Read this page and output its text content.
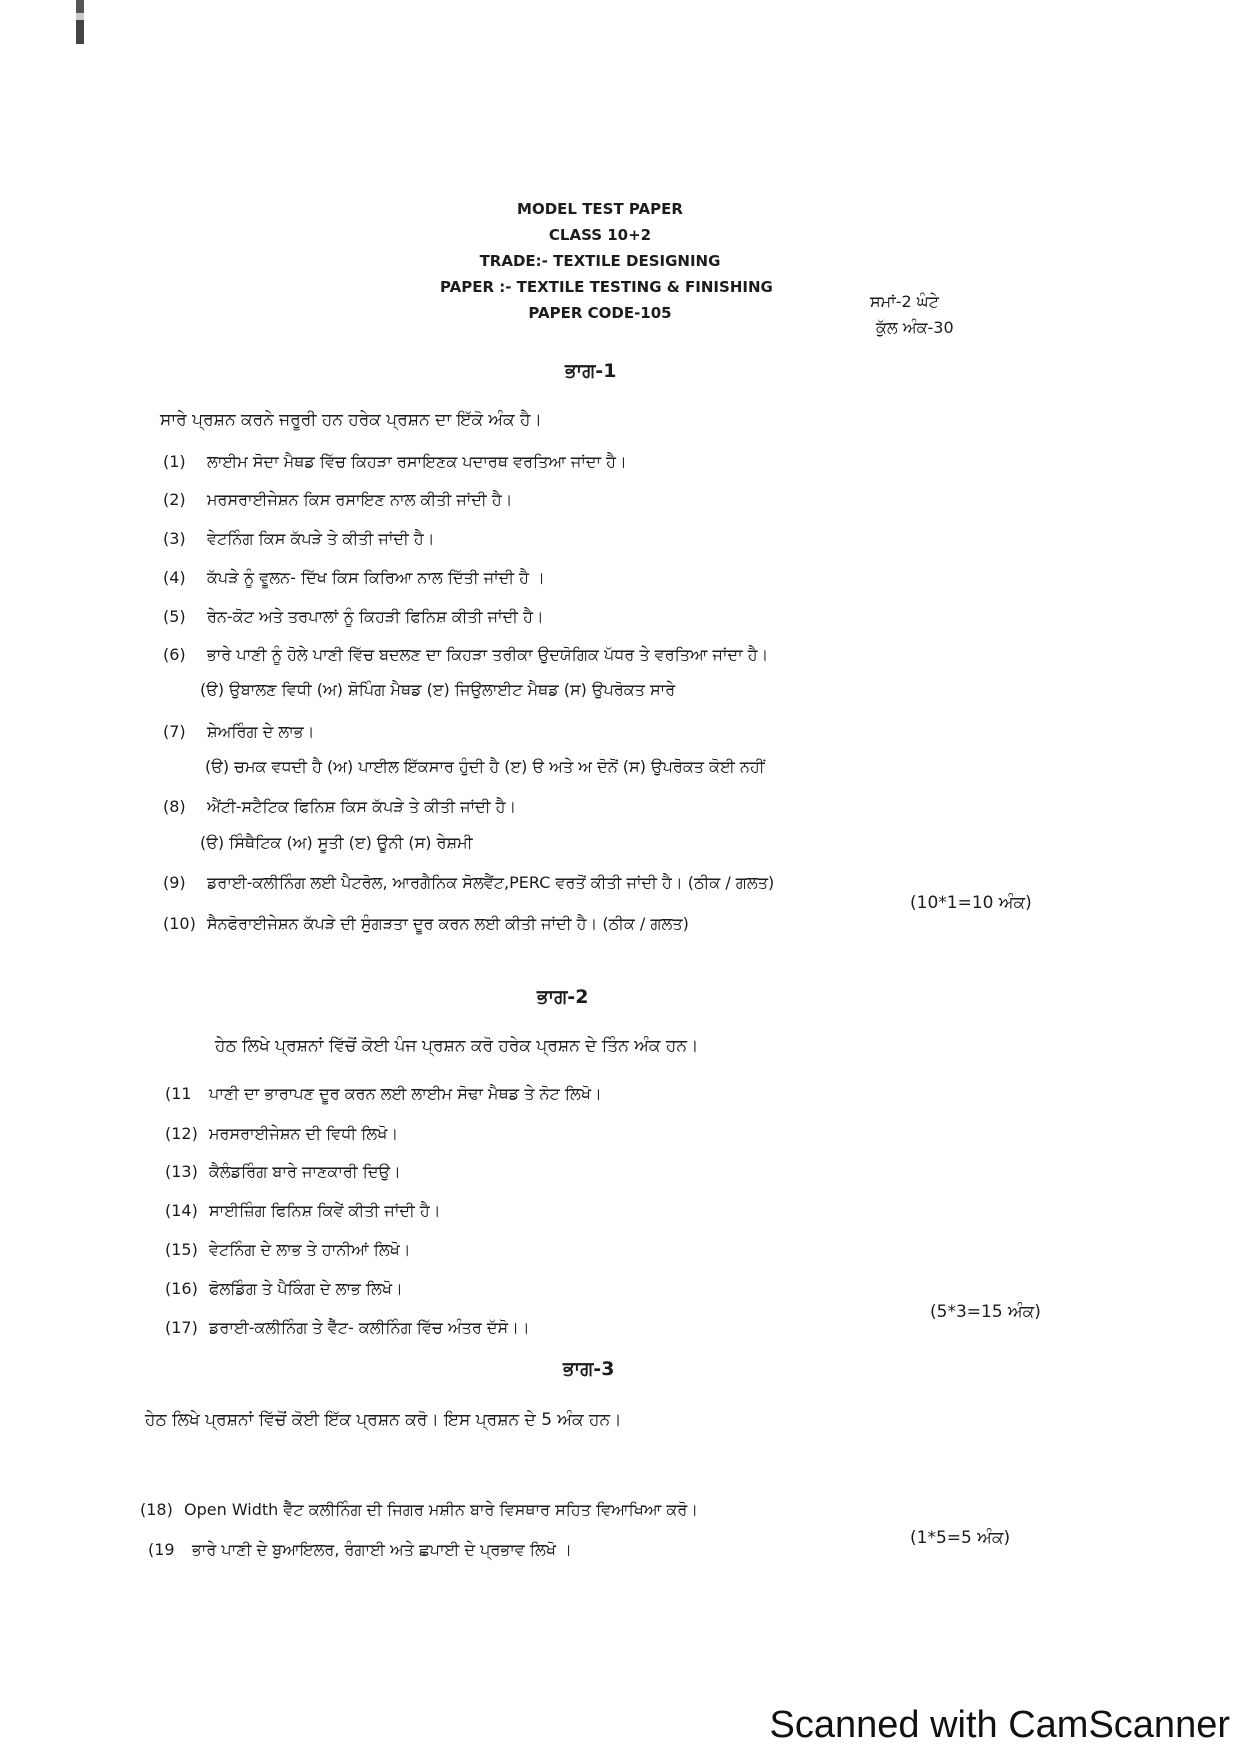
MODEL TEST PAPER
CLASS 10+2
TRADE:- TEXTILE DESIGNING
PAPER :- TEXTILE TESTING & FINISHING
PAPER CODE-105
ਸਮਾਂ-2 ਘੰਟੇ
ਕੁੱਲ ਅੰਕ-30
ਭਾਗ-1
ਸਾਰੇ ਪ੍ਰਸ਼ਨ ਕਰਨੇ ਜਰੂਰੀ ਹਨ ਹਰੇਕ ਪ੍ਰਸ਼ਨ ਦਾ ਇੱਕੋ ਅੰਕ ਹੈ।
(1) ਲਾਈਮ ਸੋਦਾ ਮੈਥਡ ਵਿੱਚ ਕਿਹੜਾ ਰਸਾਇਣਕ ਪਦਾਰਥ ਵਰਤਿਆ ਜਾਂਦਾ ਹੈ।
(2) ਮਰਸਰਾਈਜੇਸ਼ਨ ਕਿਸ ਰਸਾਇਣ ਨਾਲ ਕੀਤੀ ਜਾਂਦੀ ਹੈ।
(3) ਵੇਟਨਿੰਗ ਕਿਸ ਕੱਪੜੇ ਤੇ ਕੀਤੀ ਜਾਂਦੀ ਹੈ।
(4) ਕੱਪੜੇ ਨੂੰ ਵੂਲਨ- ਦਿੱਖ ਕਿਸ ਕਿਰਿਆ ਨਾਲ ਦਿੱਤੀ ਜਾਂਦੀ ਹੈ ।
(5) ਰੇਨ-ਕੋਟ ਅਤੇ ਤਰਪਾਲਾਂ ਨੂੰ ਕਿਹੜੀ ਫਿਨਿਸ਼ ਕੀਤੀ ਜਾਂਦੀ ਹੈ।
(6) ਭਾਰੇ ਪਾਣੀ ਨੂੰ ਹੋਲੇ ਪਾਣੀ ਵਿੱਚ ਬਦਲਣ ਦਾ ਕਿਹੜਾ ਤਰੀਕਾ ਉਦਯੋਗਿਕ ਪੱਧਰ ਤੇ ਵਰਤਿਆ ਜਾਂਦਾ ਹੈ।
(ੳ) ਉਬਾਲਣ ਵਿਧੀ (ਅ) ਸ਼ੋਪਿੰਗ ਮੈਥਡ (ੲ) ਜਿਉਲਾਈਟ ਮੈਥਡ (ਸ) ਉਪਰੋਕਤ ਸਾਰੇ
(7) ਸ਼ੇਅਰਿੰਗ ਦੇ ਲਾਭ।
(ੳ) ਚਮਕ ਵਧਦੀ ਹੈ (ਅ) ਪਾਈਲ ਇੱਕਸਾਰ ਹੁੰਦੀ ਹੈ (ੲ) ੳ ਅਤੇ ਅ ਦੋਨੋਂ (ਸ) ਉਪਰੋਕਤ ਕੋਈ ਨਹੀਂ
(8) ਐਂਟੀ-ਸਟੈਟਿਕ ਫਿਨਿਸ਼ ਕਿਸ ਕੱਪੜੇ ਤੇ ਕੀਤੀ ਜਾਂਦੀ ਹੈ।
(ੳ) ਸਿੰਥੈਟਿਕ (ਅ) ਸੂਤੀ (ੲ) ਊਨੀ (ਸ) ਰੇਸ਼ਮੀ
(9) ਡਰਾਈ-ਕਲੀਨਿੰਗ ਲਈ ਪੈਟਰੋਲ, ਆਰਗੈਨਿਕ ਸੋਲਵੈਂਟ,PERC ਵਰਤੋਂ ਕੀਤੀ ਜਾਂਦੀ ਹੈ। (ਠੀਕ / ਗਲਤ)
(10) ਸੈਨਫੋਰਾਈਜੇਸ਼ਨ ਕੱਪੜੇ ਦੀ ਸੁੰਗੜਤਾ ਦੂਰ ਕਰਨ ਲਈ ਕੀਤੀ ਜਾਂਦੀ ਹੈ। (ਠੀਕ / ਗਲਤ)
(10*1=10 ਅੰਕ)
ਭਾਗ-2
ਹੇਠ ਲਿਖੇ ਪ੍ਰਸ਼ਨਾਂ ਵਿੱਚੋਂ ਕੋਈ ਪੰਜ ਪ੍ਰਸ਼ਨ ਕਰੋ ਹਰੇਕ ਪ੍ਰਸ਼ਨ ਦੇ ਤਿੰਨ ਅੰਕ ਹਨ।
(11 ਪਾਣੀ ਦਾ ਭਾਰਾਪਣ ਦੂਰ ਕਰਨ ਲਈ ਲਾਈਮ ਸੋਢਾ ਮੈਥਡ ਤੇ ਨੋਟ ਲਿਖੋ।
(12) ਮਰਸਰਾਈਜੇਸ਼ਨ ਦੀ ਵਿਧੀ ਲਿਖੋ।
(13) ਕੈਲੰਡਰਿੰਗ ਬਾਰੇ ਜਾਣਕਾਰੀ ਦਿਉ।
(14) ਸਾਈਜ਼ਿੰਗ ਫਿਨਿਸ਼ ਕਿਵੇਂ ਕੀਤੀ ਜਾਂਦੀ ਹੈ।
(15) ਵੇਟਨਿੰਗ ਦੇ ਲਾਭ ਤੇ ਹਾਨੀਆਂ ਲਿਖੋ।
(16) ਫੋਲਡਿੰਗ ਤੇ ਪੈਕਿੰਗ ਦੇ ਲਾਭ ਲਿਖੋ।
(17) ਡਰਾਈ-ਕਲੀਨਿੰਗ ਤੇ ਵੈੱਟ- ਕਲੀਨਿੰਗ ਵਿੱਚ ਅੰਤਰ ਦੱਸੋ।।
(5*3=15 ਅੰਕ)
ਭਾਗ-3
ਹੇਠ ਲਿਖੇ ਪ੍ਰਸ਼ਨਾਂ ਵਿੱਚੋਂ ਕੋਈ ਇੱਕ ਪ੍ਰਸ਼ਨ ਕਰੋ। ਇਸ ਪ੍ਰਸ਼ਨ ਦੇ 5 ਅੰਕ ਹਨ।
(18) Open Width ਵੈੱਟ ਕਲੀਨਿੰਗ ਦੀ ਜਿਗਰ ਮਸ਼ੀਨ ਬਾਰੇ ਵਿਸਥਾਰ ਸਹਿਤ ਵਿਆਖਿਆ ਕਰੋ।
(19 ਭਾਰੇ ਪਾਣੀ ਦੇ ਬੁਆਇਲਰ, ਰੰਗਾਈ ਅਤੇ ਛਪਾਈ ਦੇ ਪ੍ਰਭਾਵ ਲਿਖੋ ।
(1*5=5 ਅੰਕ)
Scanned with CamScanner
